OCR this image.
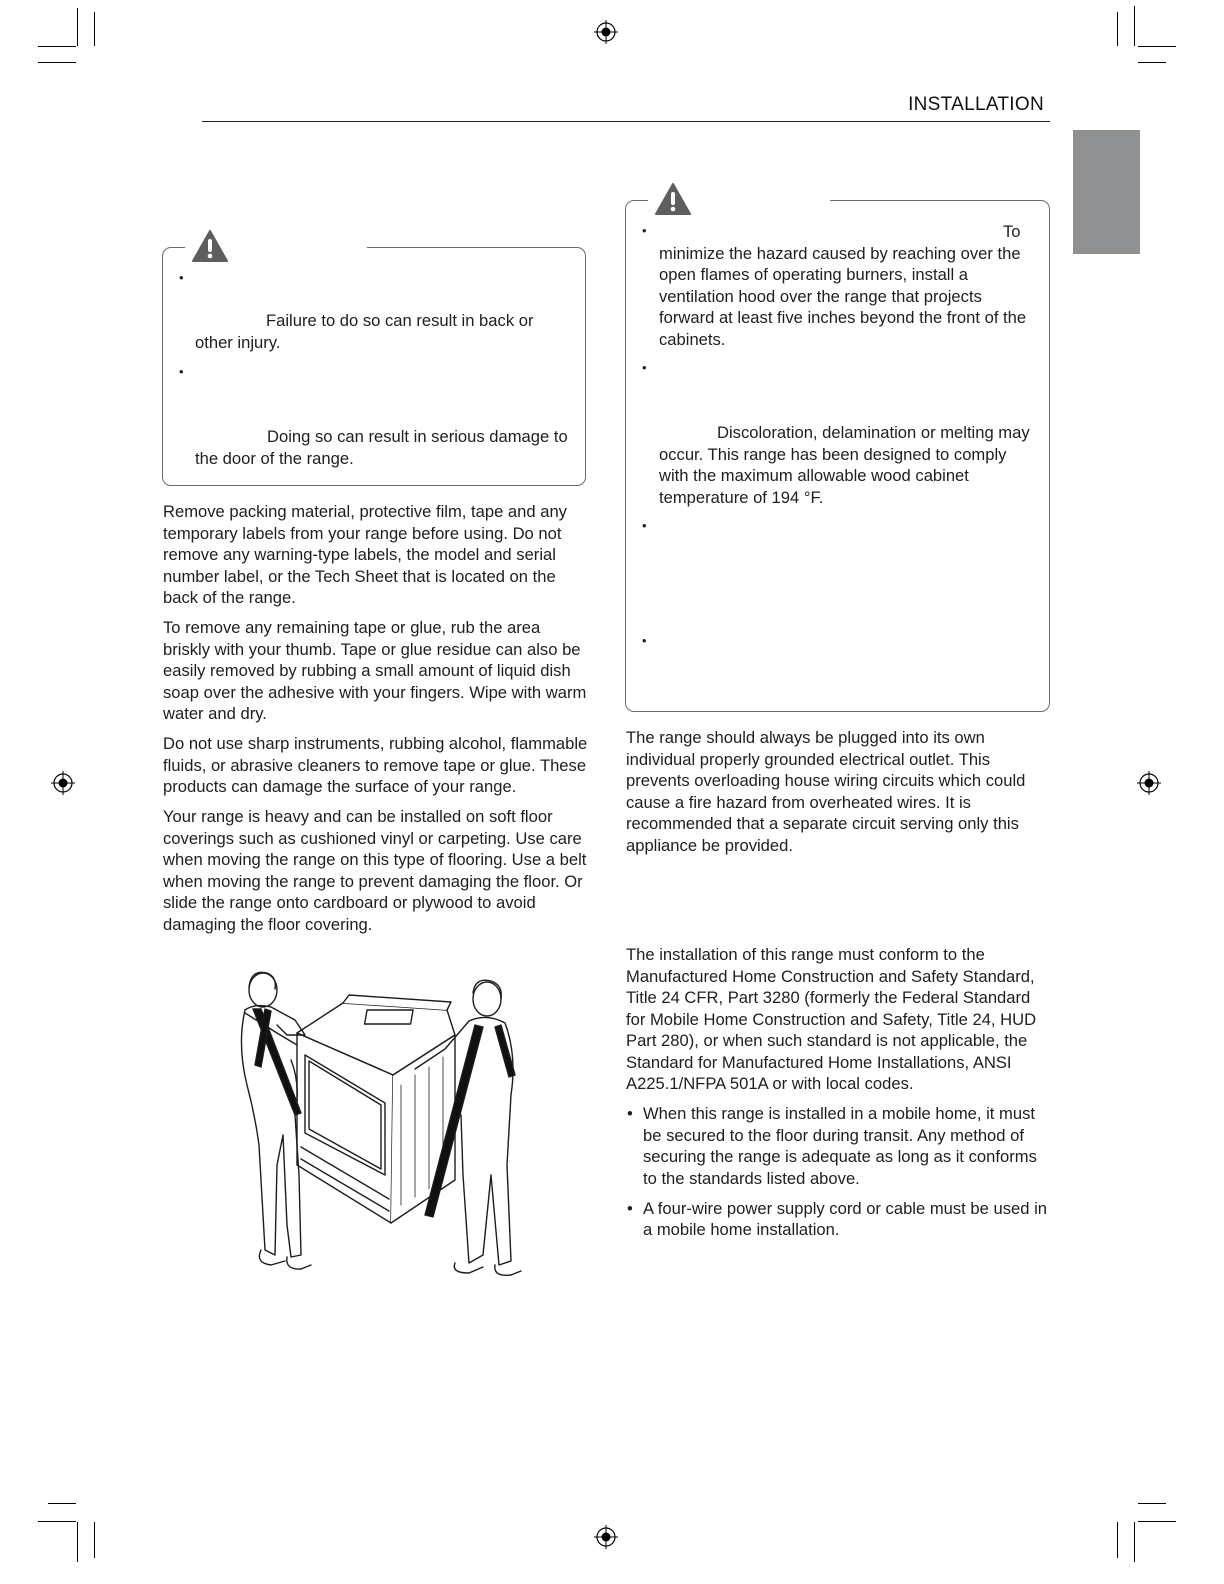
INSTALLATION
•
•
Failure to do so can result in back or other injury.
Doing so can result in serious damage to the door of the range.

Remove packing material, protective film, tape and any temporary labels from your range before using. Do not remove any warning-type labels, the model and serial number label, or the Tech Sheet that is located on the back of the range.

To remove any remaining tape or glue, rub the area briskly with your thumb. Tape or glue residue can also be easily removed by rubbing a small amount of liquid dish soap over the adhesive with your fingers. Wipe with warm water and dry.

Do not use sharp instruments, rubbing alcohol, flammable fluids, or abrasive cleaners to remove tape or glue. These products can damage the surface of your range.

Your range is heavy and can be installed on soft floor coverings such as cushioned vinyl or carpeting. Use care when moving the range on this type of flooring. Use a belt when moving the range to prevent damaging the floor. Or slide the range onto cardboard or plywood to avoid damaging the floor covering.

•
•
•
•
To minimize the hazard caused by reaching over the open flames of operating burners, install a ventilation hood over the range that projects forward at least five inches beyond the front of the cabinets.
Discoloration, delamination or melting may occur. This range has been designed to comply with the maximum allowable wood cabinet temperature of 194 °F.
The range should always be plugged into its own individual properly grounded electrical outlet. This prevents overloading house wiring circuits which could cause a fire hazard from overheated wires. It is recommended that a separate circuit serving only this appliance be provided.

The installation of this range must conform to the Manufactured Home Construction and Safety Standard, Title 24 CFR, Part 3280 (formerly the Federal Standard for Mobile Home Construction and Safety, Title 24, HUD Part 280), or when such standard is not applicable, the Standard for Manufactured Home Installations, ANSI A225.1/NFPA 501A or with local codes.

• When this range is installed in a mobile home, it must be secured to the floor during transit. Any method of securing the range is adequate as long as it conforms to the standards listed above.
• A four-wire power supply cord or cable must be used in a mobile home installation.
